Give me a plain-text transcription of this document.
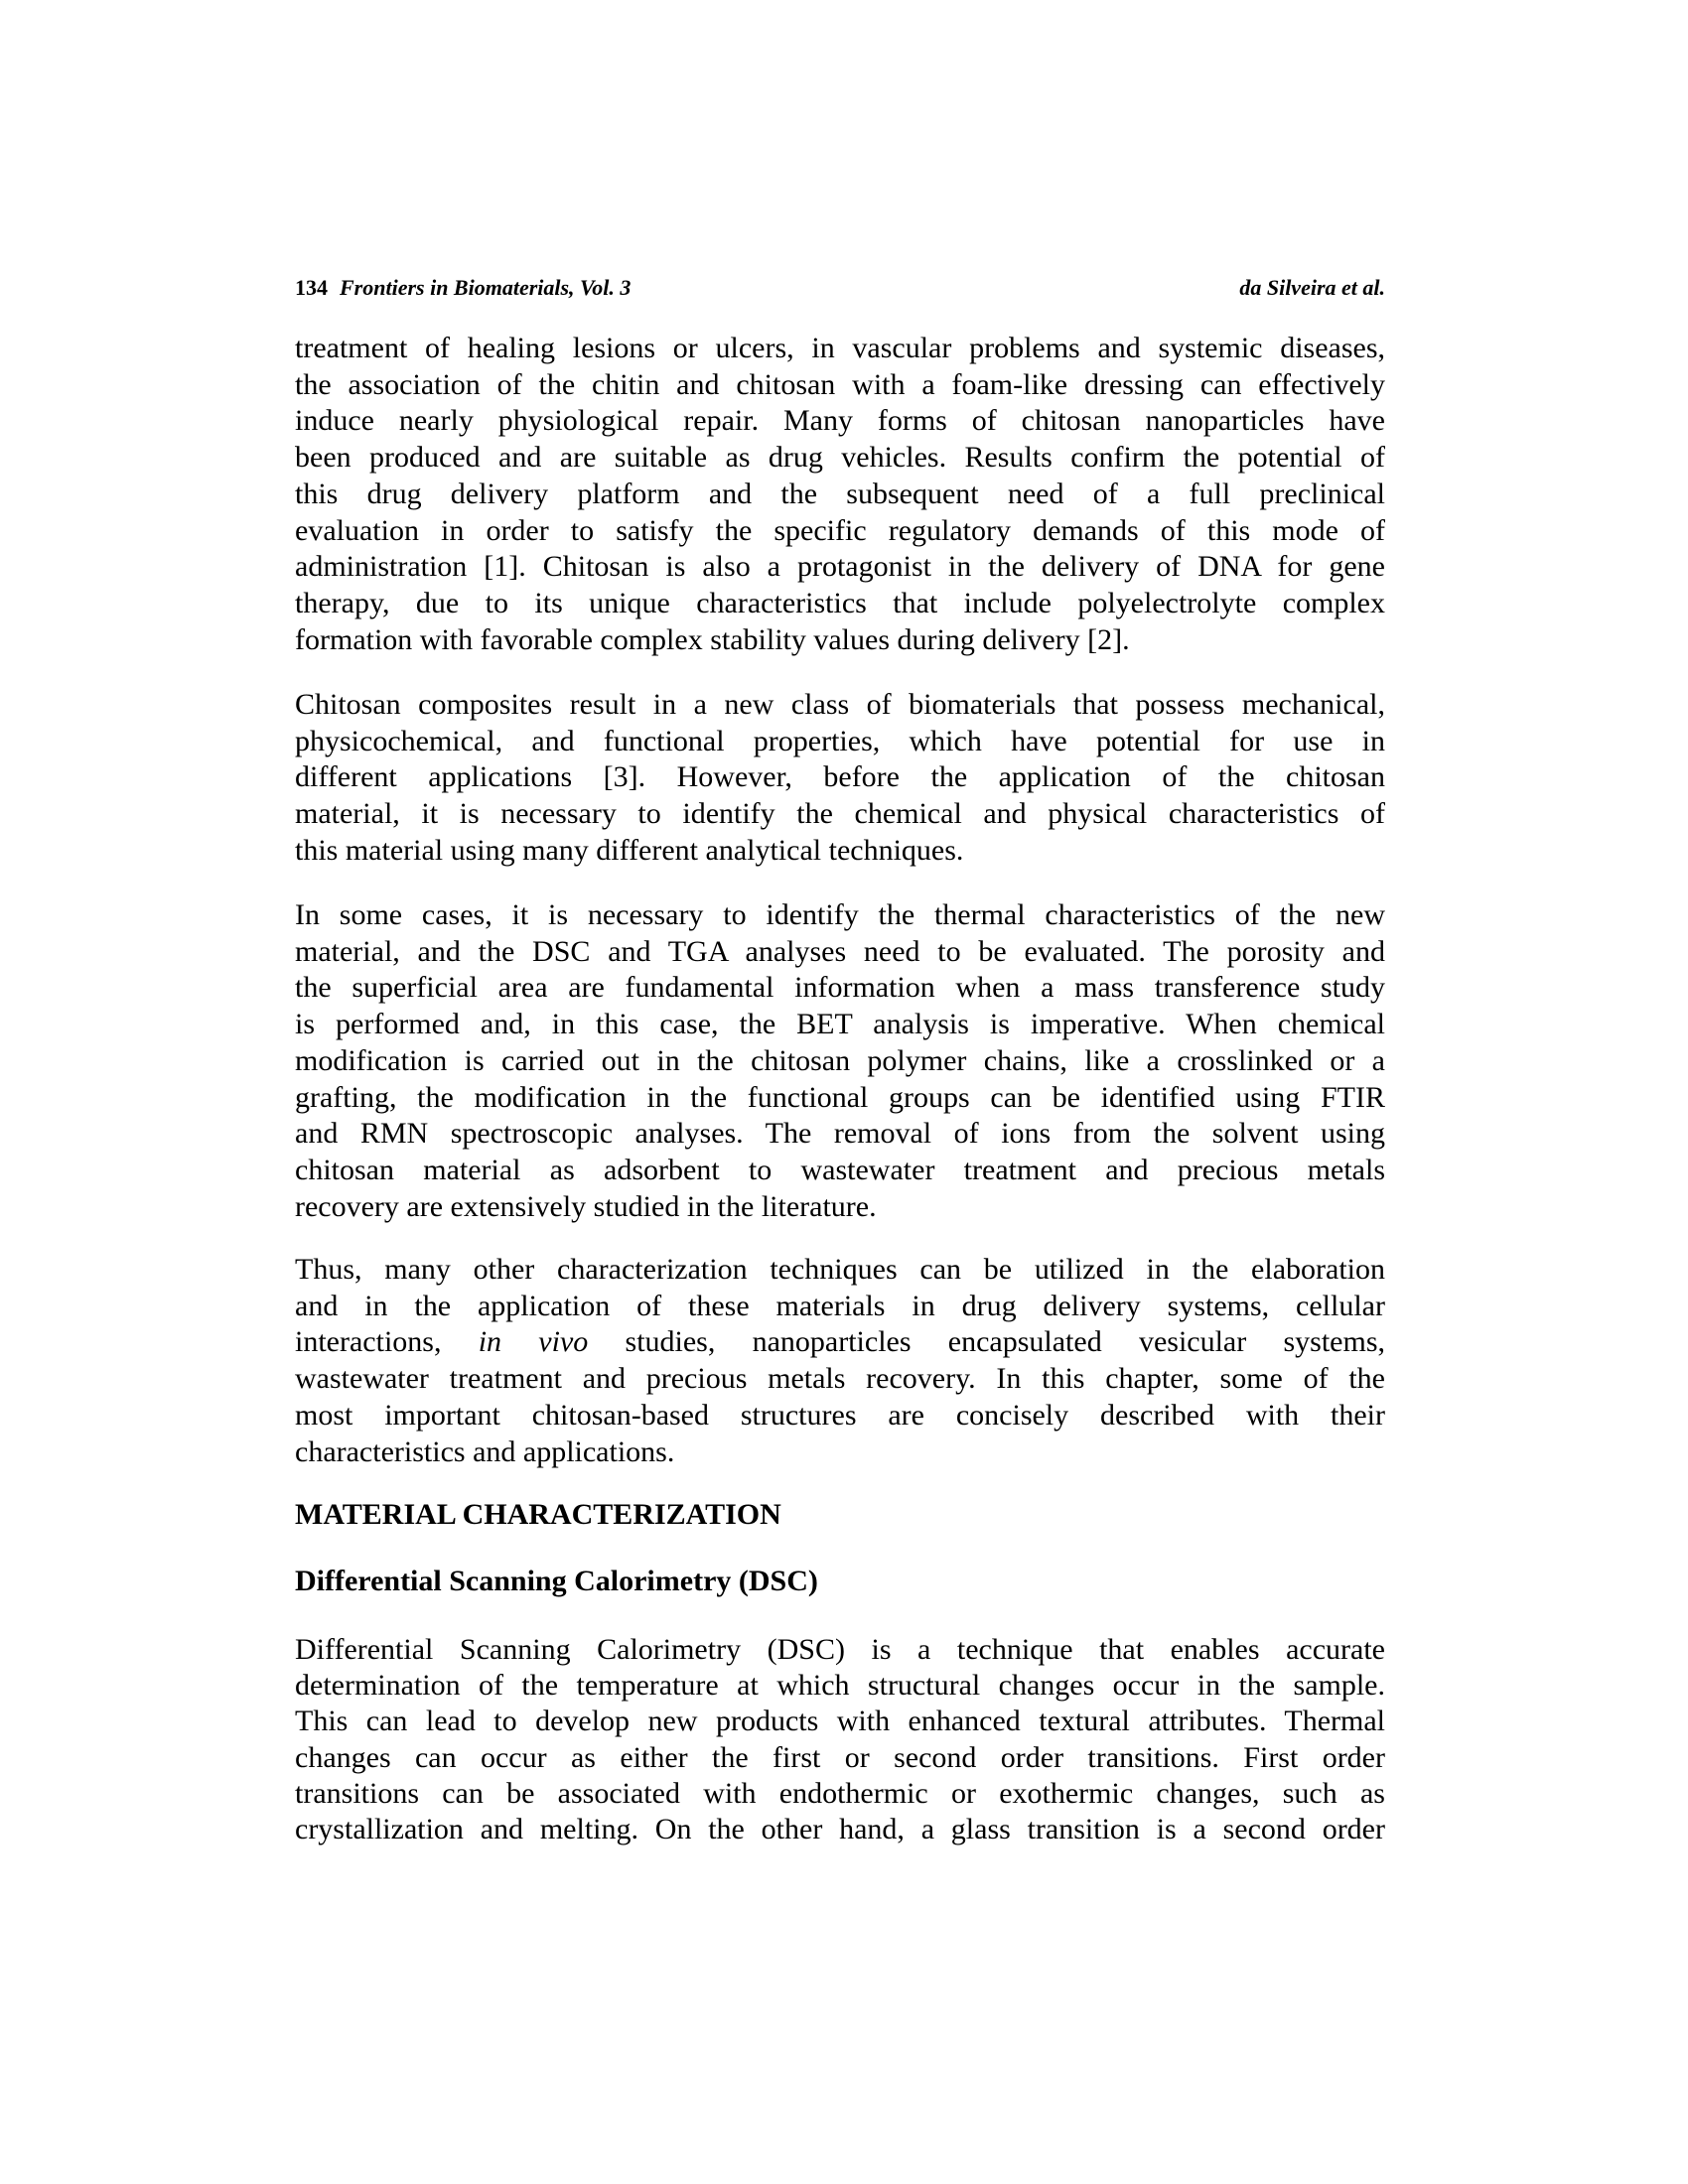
134 Frontiers in Biomaterials, Vol. 3	da Silveira et al.
treatment of healing lesions or ulcers, in vascular problems and systemic diseases,
the association of the chitin and chitosan with a foam-like dressing can effectively
induce nearly physiological repair. Many forms of chitosan nanoparticles have
been produced and are suitable as drug vehicles. Results confirm the potential of
this drug delivery platform and the subsequent need of a full preclinical
evaluation in order to satisfy the specific regulatory demands of this mode of
administration [1]. Chitosan is also a protagonist in the delivery of DNA for gene
therapy, due to its unique characteristics that include polyelectrolyte complex
formation with favorable complex stability values during delivery [2].
Chitosan composites result in a new class of biomaterials that possess mechanical,
physicochemical, and functional properties, which have potential for use in
different applications [3]. However, before the application of the chitosan
material, it is necessary to identify the chemical and physical characteristics of
this material using many different analytical techniques.
In some cases, it is necessary to identify the thermal characteristics of the new
material, and the DSC and TGA analyses need to be evaluated. The porosity and
the superficial area are fundamental information when a mass transference study
is performed and, in this case, the BET analysis is imperative. When chemical
modification is carried out in the chitosan polymer chains, like a crosslinked or a
grafting, the modification in the functional groups can be identified using FTIR
and RMN spectroscopic analyses. The removal of ions from the solvent using
chitosan material as adsorbent to wastewater treatment and precious metals
recovery are extensively studied in the literature.
Thus, many other characterization techniques can be utilized in the elaboration
and in the application of these materials in drug delivery systems, cellular
interactions, in vivo studies, nanoparticles encapsulated vesicular systems,
wastewater treatment and precious metals recovery. In this chapter, some of the
most important chitosan-based structures are concisely described with their
characteristics and applications.
MATERIAL CHARACTERIZATION
Differential Scanning Calorimetry (DSC)
Differential Scanning Calorimetry (DSC) is a technique that enables accurate
determination of the temperature at which structural changes occur in the sample.
This can lead to develop new products with enhanced textural attributes. Thermal
changes can occur as either the first or second order transitions. First order
transitions can be associated with endothermic or exothermic changes, such as
crystallization and melting. On the other hand, a glass transition is a second order
